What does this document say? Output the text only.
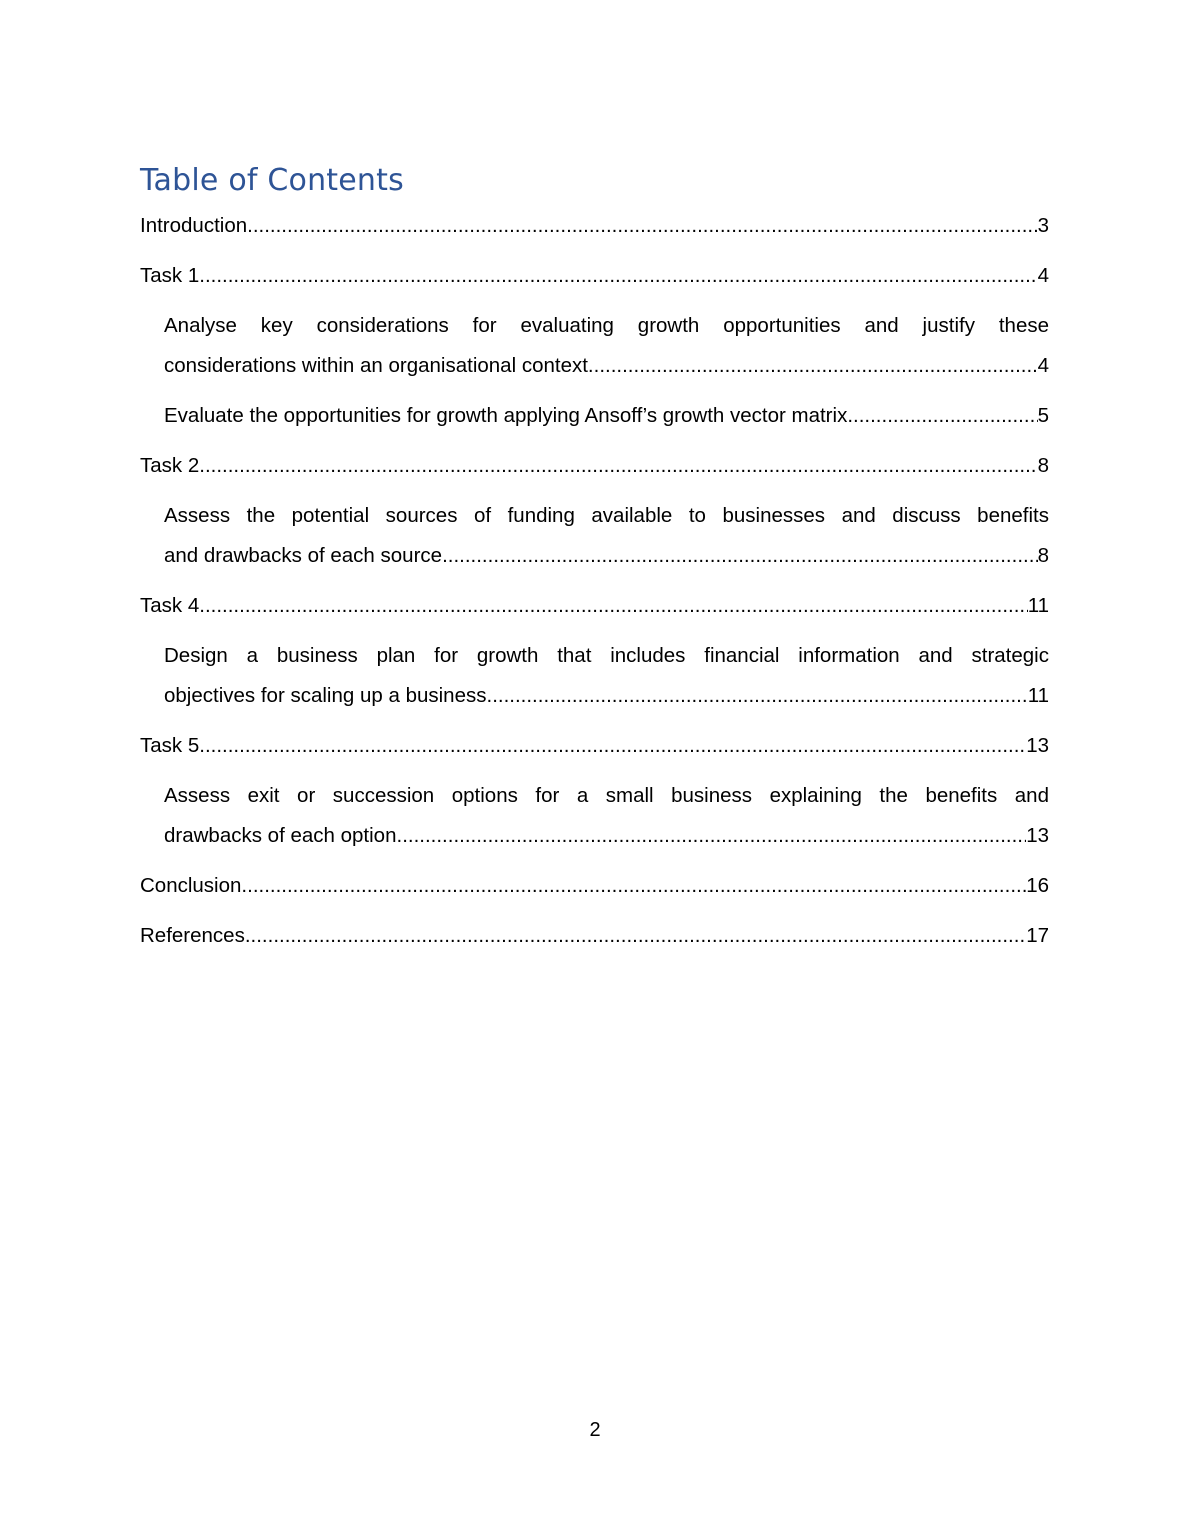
Table of Contents
Introduction .....	3
Task 1 .....	4
Analyse key considerations for evaluating growth opportunities and justify these
considerations within an organisational context. .....	4
Evaluate the opportunities for growth applying Ansoff’s growth vector matrix. .....	5
Task 2 .....	8
Assess the potential sources of funding available to businesses and discuss benefits
and drawbacks of each source .....	8
Task 4 .....	11
Design a business plan for growth that includes financial information and strategic
objectives for scaling up a business. .....	11
Task 5 .....	13
Assess exit or succession options for a small business explaining the benefits and
drawbacks of each option. .....	13
Conclusion .....	16
References .....	17
2
